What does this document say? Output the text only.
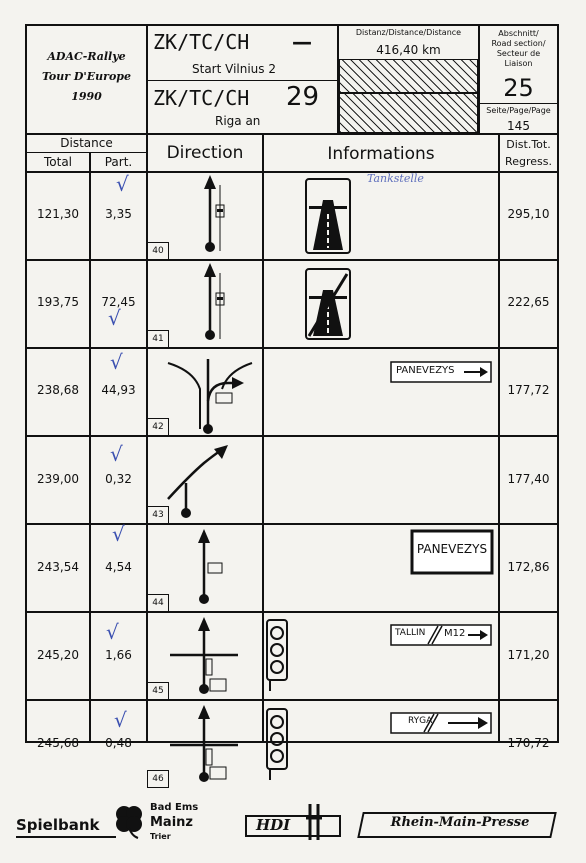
ADAC-Rallye
Tour D'Europe
1990
ZK/TC/CH —
Start Vilnius 2
ZK/TC/CH 29
Riga an
Distanz/Distance/Distance
416,40 km
Abschnitt/
Road section/
Secteur de
Liaison
25
Seite/Page/Page
145
Distance
Total	Part.	Direction	Informations	Dist.Tot.
Regress.
121,30	3,35	295,10
40
√	Tankstelle
193,75	72,45	222,65
41
√
238,68	44,93	177,72
42
√	PANEVEZYS
239,00	0,32	177,40
43
√
243,54	4,54	172,86
44
√
PANEVEZYS
245,20	1,66	171,20
45
√	TALLIN M12
245,68	0,48	170,72
46
√	RYGA
Spielbank
Bad Ems
Mainz
Trier
HDI	Rhein-Main-Presse
